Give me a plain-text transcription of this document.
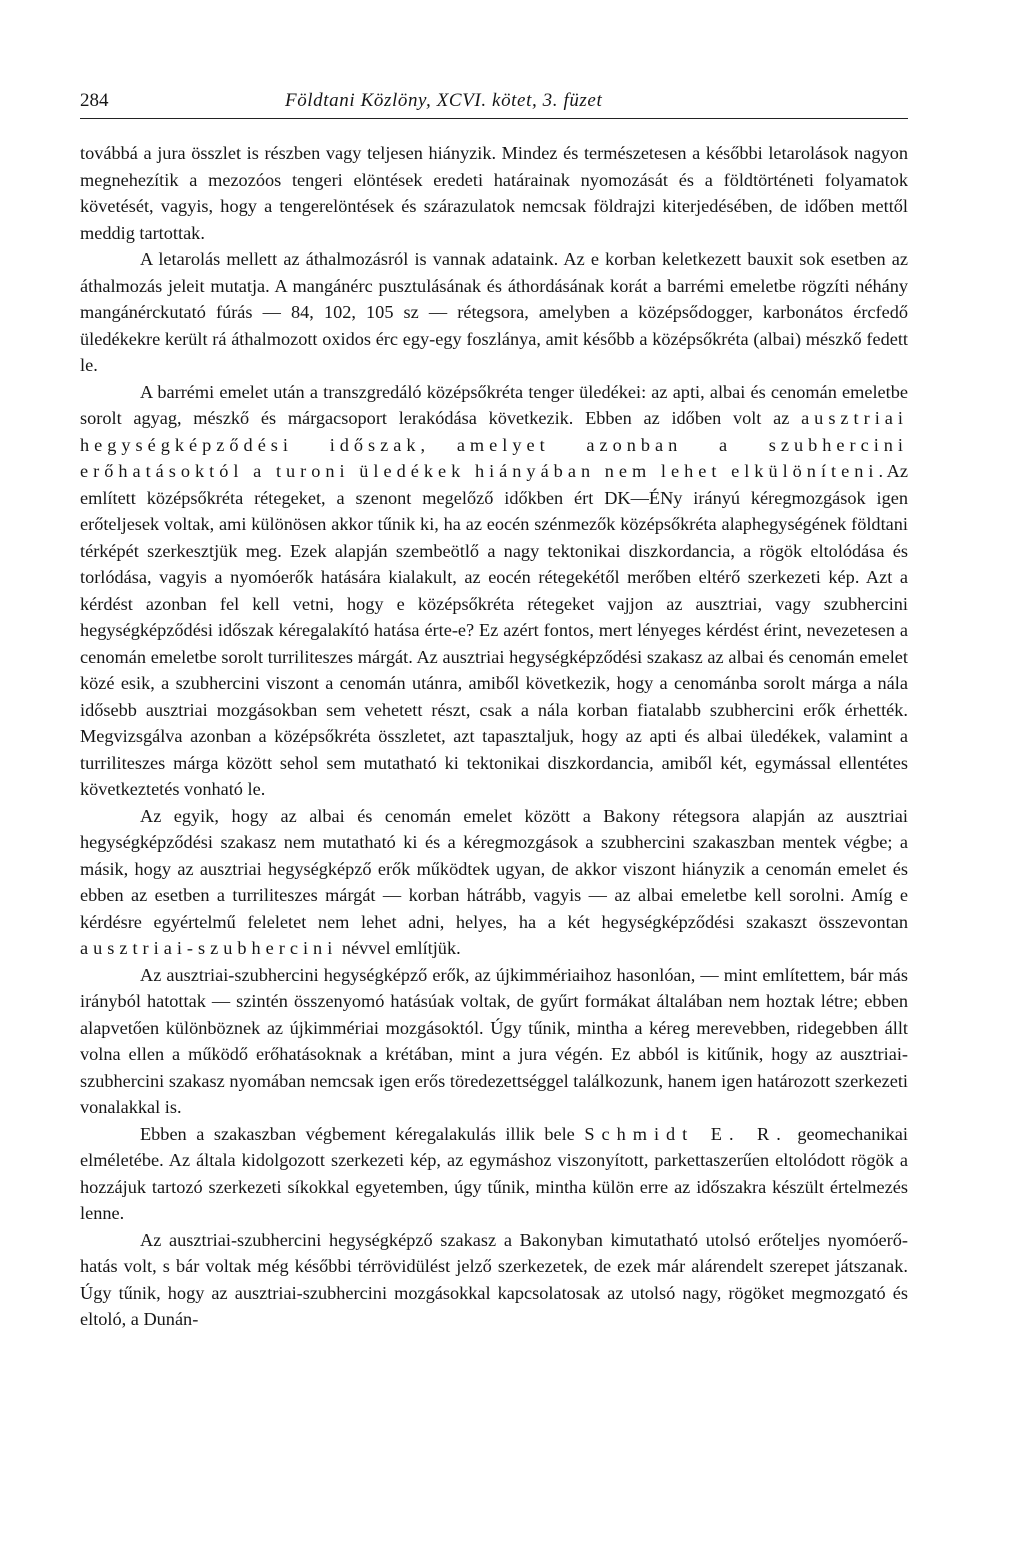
284	Földtani Közlöny, XCVI. kötet, 3. füzet

továbbá a jura összlet is részben vagy teljesen hiányzik. Mindez és természetesen a későbbi letarolások nagyon megnehezítik a mezozóos tengeri elöntések eredeti határainak nyomozását és a földtörténeti folyamatok követését, vagyis, hogy a tengerelöntések és szárazulatok nemcsak földrajzi kiterjedésében, de időben mettől meddig tartottak.

A letarolás mellett az áthalmozásról is vannak adataink. Az e korban keletkezett bauxit sok esetben az áthalmozás jeleit mutatja. A mangánérc pusztulásának és áthordásának korát a barrémi emeletbe rögzíti néhány mangánérckutató fúrás — 84, 102, 105 sz — rétegsora, amelyben a középsődogger, karbonátos ércfedő üledékekre került rá áthalmozott oxidos érc egy-egy foszlánya, amit később a középsőkréta (albai) mészkő fedett le.

A barrémi emelet után a transzgredáló középsőkréta tenger üledékei: az apti, albai és cenomán emeletbe sorolt agyag, mészkő és márgacsoport lerakódása következik. Ebben az időben volt az ausztriai hegységképződési időszak, amelyet azonban a szubhercini erőhatásoktól a turoni üledékek hiányában nem lehet elkülöníteni. Az említett középsőkréta rétegeket, a szenont megelőző időkben ért DK—ÉNy irányú kéregmozgások igen erőteljesek voltak, ami különösen akkor tűnik ki, ha az eocén szénmezők középsőkréta alaphegységének földtani térképét szerkesztjük meg. Ezek alapján szembeötlő a nagy tektonikai diszkordancia, a rögök eltolódása és torlódása, vagyis a nyomóerők hatására kialakult, az eocén rétegekétől merőben eltérő szerkezeti kép. Azt a kérdést azonban fel kell vetni, hogy e középsőkréta rétegeket vajjon az ausztriai, vagy szubhercini hegységképződési időszak kéregalakító hatása érte-e? Ez azért fontos, mert lényeges kérdést érint, nevezetesen a cenomán emeletbe sorolt turriliteszes márgát. Az ausztriai hegységképződési szakasz az albai és cenomán emelet közé esik, a szubhercini viszont a cenomán utánra, amiből következik, hogy a cenománba sorolt márga a nála idősebb ausztriai mozgásokban sem vehetett részt, csak a nála korban fiatalabb szubhercini erők érhették. Megvizsgálva azonban a középsőkréta összletet, azt tapasztaljuk, hogy az apti és albai üledékek, valamint a turriliteszes márga között sehol sem mutatható ki tektonikai diszkordancia, amiből két, egymással ellentétes következtetés vonható le.

Az egyik, hogy az albai és cenomán emelet között a Bakony rétegsora alapján az ausztriai hegységképződési szakasz nem mutatható ki és a kéregmozgások a szubhercini szakaszban mentek végbe; a másik, hogy az ausztriai hegységképző erők működtek ugyan, de akkor viszont hiányzik a cenomán emelet és ebben az esetben a turriliteszes márgát — korban hátrább, vagyis — az albai emeletbe kell sorolni. Amíg e kérdésre egyértelmű feleletet nem lehet adni, helyes, ha a két hegységképződési szakaszt összevontan ausztriai-szubhercini névvel említjük.

Az ausztriai-szubhercini hegységképző erők, az újkimmériaihoz hasonlóan, — mint említettem, bár más irányból hatottak — szintén összenyomó hatásúak voltak, de gyűrt formákat általában nem hoztak létre; ebben alapvetően különböznek az újkimmériai mozgásoktól. Úgy tűnik, mintha a kéreg merevebben, ridegebben állt volna ellen a működő erőhatásoknak a krétában, mint a jura végén. Ez abból is kitűnik, hogy az ausztriai-szubhercini szakasz nyomában nemcsak igen erős töredezettséggel találkozunk, hanem igen határozott szerkezeti vonalakkal is.

Ebben a szakaszban végbement kéregalakulás illik bele Schmidt E. R. geomechanikai elméletébe. Az általa kidolgozott szerkezeti kép, az egymáshoz viszonyított, parkettaszerűen eltolódott rögök a hozzájuk tartozó szerkezeti síkokkal egyetemben, úgy tűnik, mintha külön erre az időszakra készült értelmezés lenne.

Az ausztriai-szubhercini hegységképző szakasz a Bakonyban kimutatható utolsó erőteljes nyomóerő-hatás volt, s bár voltak még későbbi térrövidülést jelző szerkezetek, de ezek már alárendelt szerepet játszanak. Úgy tűnik, hogy az ausztriai-szubhercini mozgásokkal kapcsolatosak az utolsó nagy, rögöket megmozgató és eltoló, a Dunán-
